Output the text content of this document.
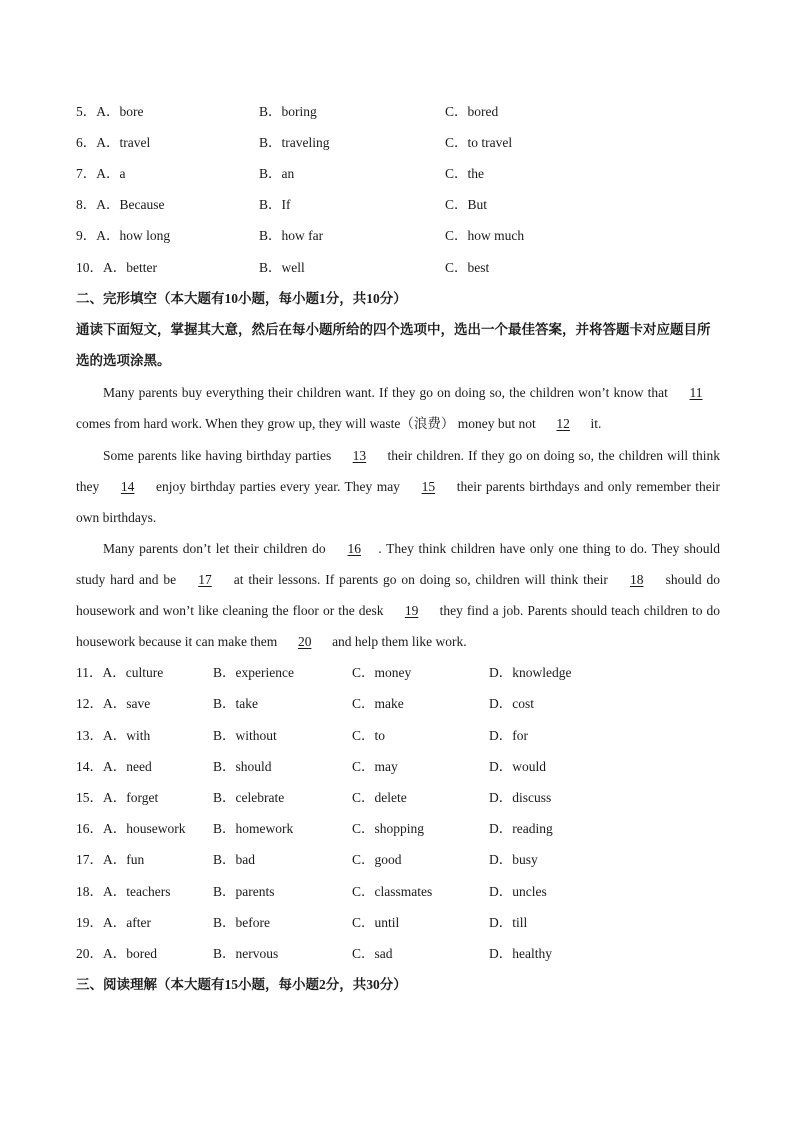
5．A．bore	B．boring	C．bored
6．A．travel	B．traveling	C．to travel
7．A．a	B．an	C．the
8．A．Because	B．If	C．But
9．A．how long	B．how far	C．how much
10．A．better	B．well	C．best
二、完形填空（本大题有10小题，每小题1分，共10分）
通读下面短文，掌握其大意，然后在每小题所给的四个选项中，选出一个最佳答案，并将答题卡对应题目所选的选项涂黑。
Many parents buy everything their children want. If they go on doing so, the children won’t know that 11 comes from hard work. When they grow up, they will waste（浪费） money but not 12 it.
Some parents like having birthday parties 13 their children. If they go on doing so, the children will think they 14 enjoy birthday parties every year. They may 15 their parents birthdays and only remember their own birthdays.
Many parents don’t let their children do 16 . They think children have only one thing to do. They should study hard and be 17 at their lessons. If parents go on doing so, children will think their 18 should do housework and won’t like cleaning the floor or the desk 19 they find a job. Parents should teach children to do housework because it can make them 20 and help them like work.
11．A．culture	B．experience	C．money	D．knowledge
12．A．save	B．take	C．make	D．cost
13．A．with	B．without	C．to	D．for
14．A．need	B．should	C．may	D．would
15．A．forget	B．celebrate	C．delete	D．discuss
16．A．housework B．homework	C．shopping	D．reading
17．A．fun	B．bad	C．good	D．busy
18．A．teachers	B．parents	C．classmates	D．uncles
19．A．after	B．before	C．until	D．till
20．A．bored	B．nervous	C．sad	D．healthy
三、阅读理解（本大题有15小题，每小题2分，共30分）
